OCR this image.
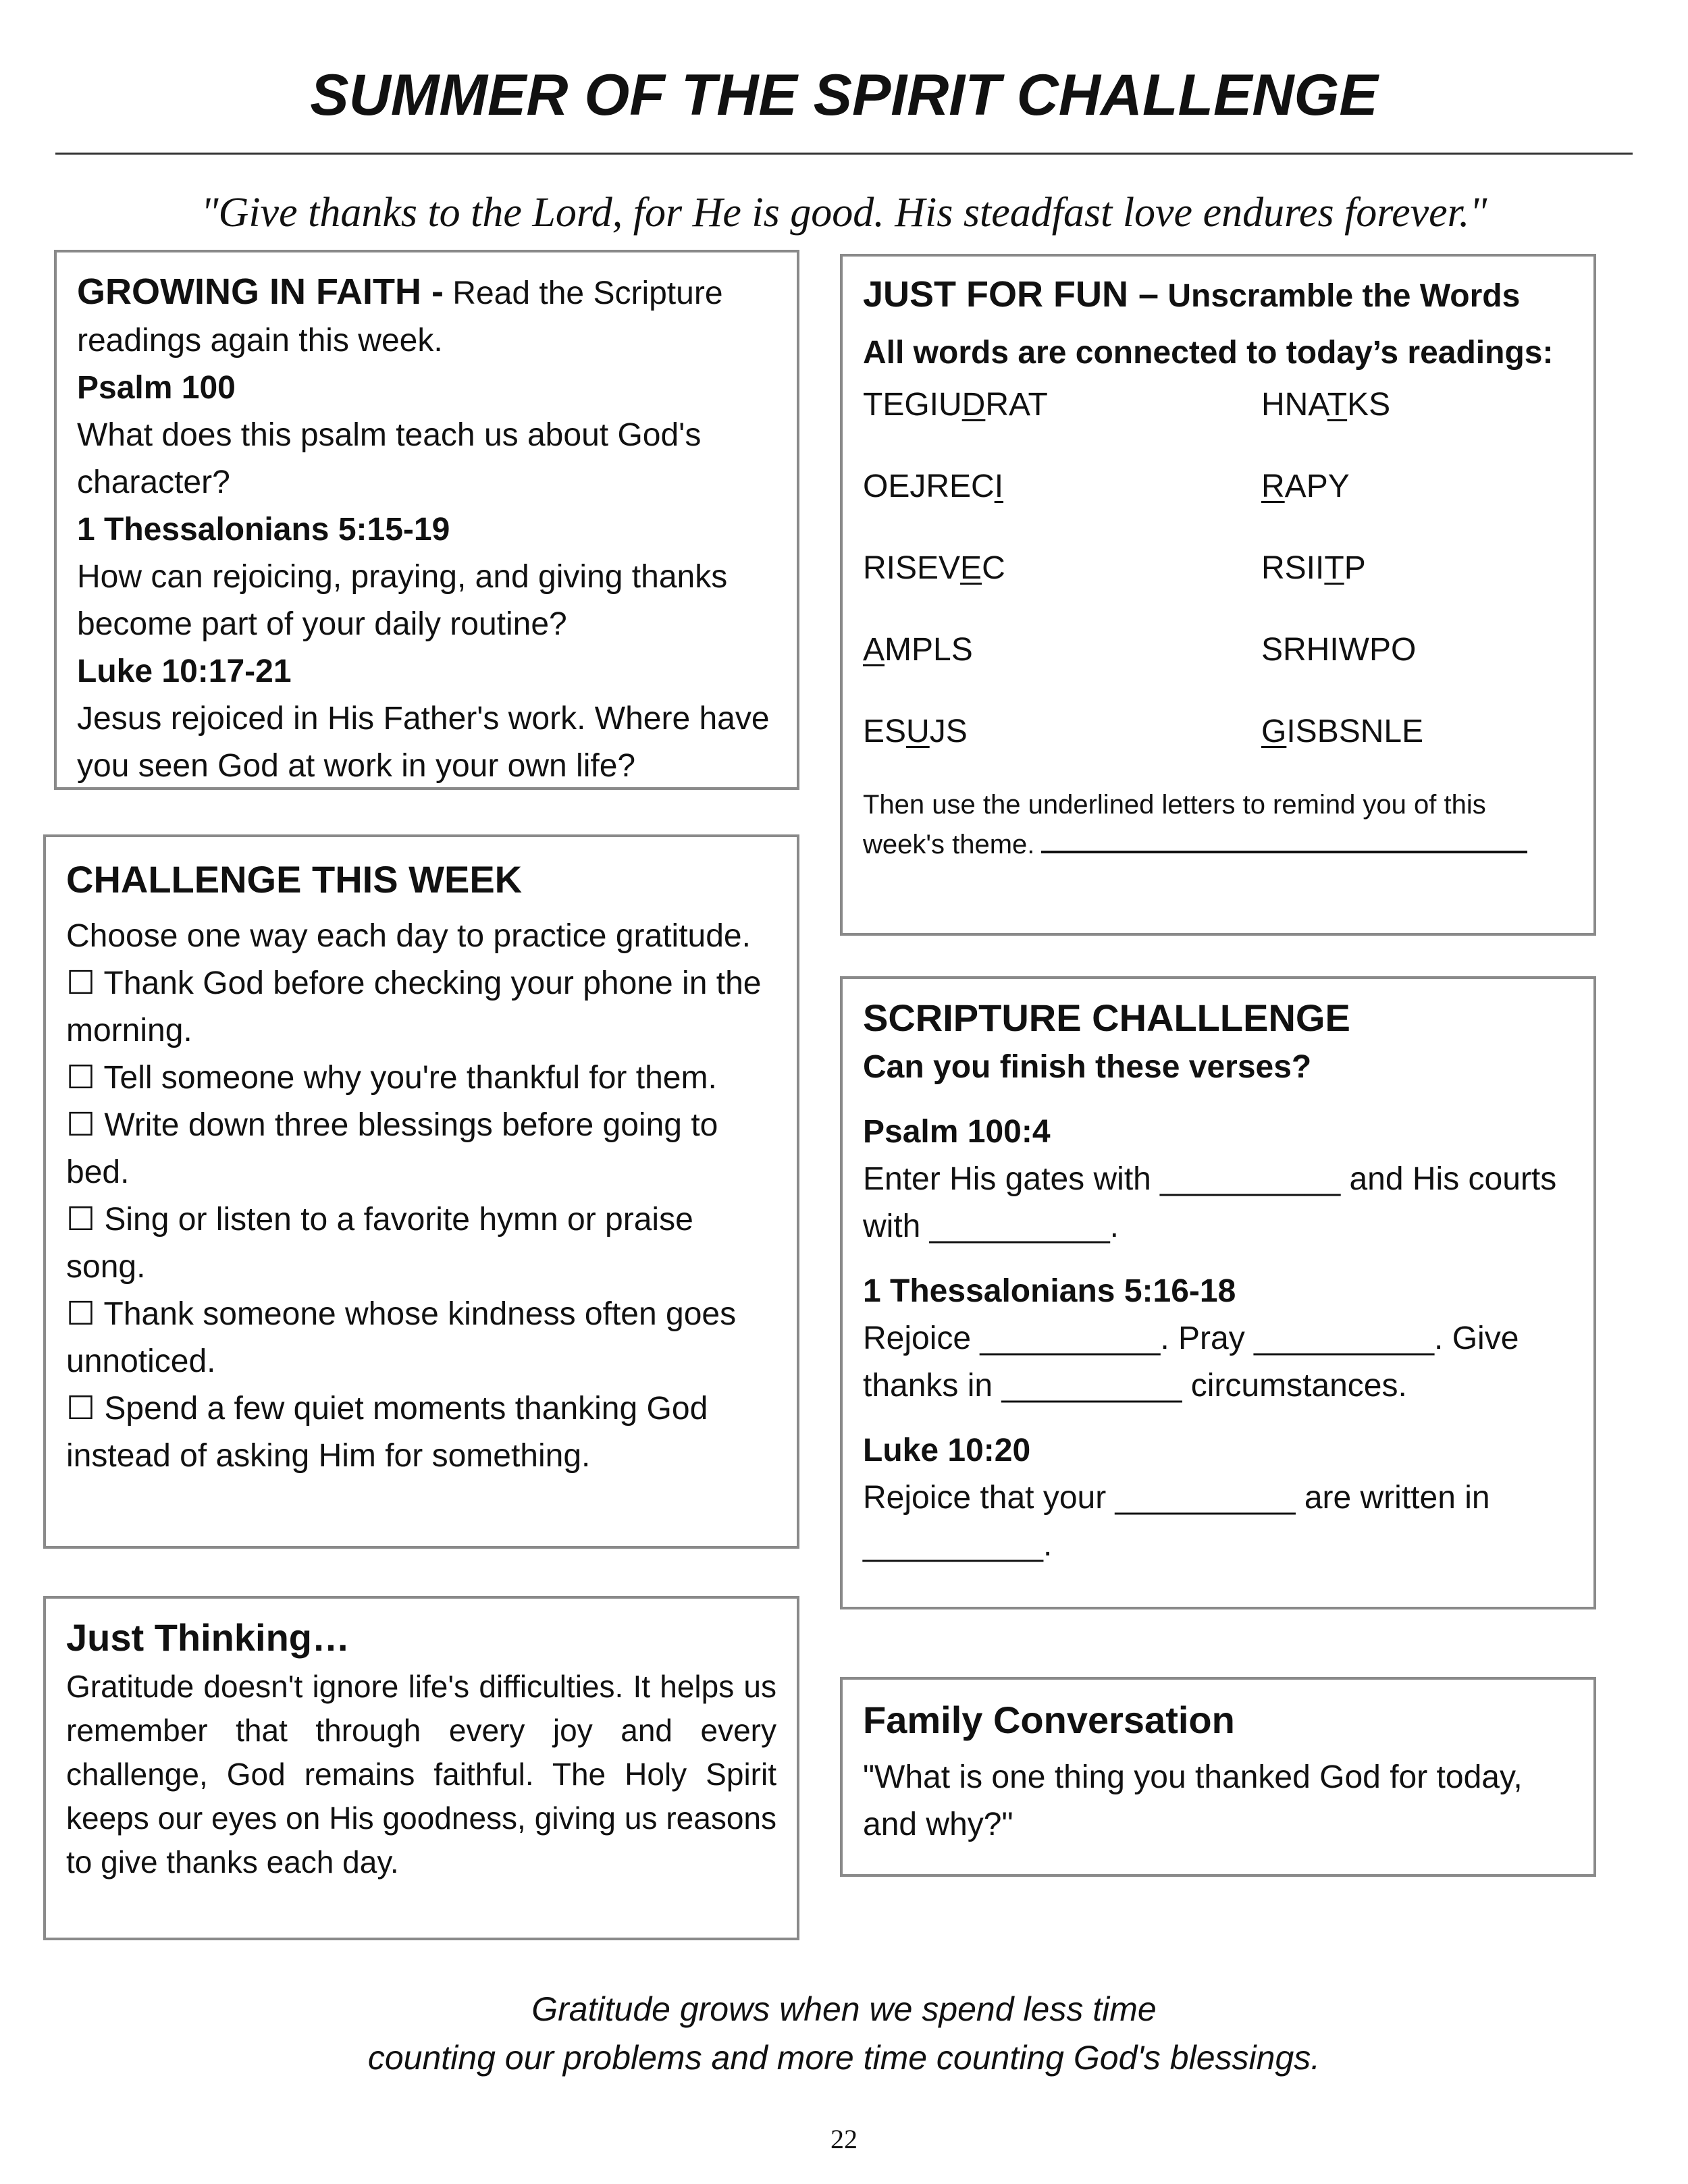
SUMMER OF THE SPIRIT CHALLENGE
"Give thanks to the Lord, for He is good. His steadfast love endures forever."
GROWING IN FAITH - Read the Scripture readings again this week.
Psalm 100
What does this psalm teach us about God's character?
1 Thessalonians 5:15-19
How can rejoicing, praying, and giving thanks become part of your daily routine?
Luke 10:17-21
Jesus rejoiced in His Father's work. Where have you seen God at work in your own life?
CHALLENGE THIS WEEK
Choose one way each day to practice gratitude.
☐ Thank God before checking your phone in the morning.
☐ Tell someone why you're thankful for them.
☐ Write down three blessings before going to bed.
☐ Sing or listen to a favorite hymn or praise song.
☐ Thank someone whose kindness often goes unnoticed.
☐ Spend a few quiet moments thanking God instead of asking Him for something.
Just Thinking…
Gratitude doesn't ignore life's difficulties. It helps us remember that through every joy and every challenge, God remains faithful. The Holy Spirit keeps our eyes on His goodness, giving us reasons to give thanks each day.
JUST FOR FUN – Unscramble the Words
All words are connected to today’s readings:
TEGIUDRAT	HNATKS
OEJRECI	RAPY
RISEVEC	RSIITP
AMPLS	SRHIWPO
ESUJS	GISBSNLE
Then use the underlined letters to remind you of this week's theme.
SCRIPTURE CHALLLENGE
Can you finish these verses?
Psalm 100:4
Enter His gates with __________ and His courts with __________.
1 Thessalonians 5:16-18
Rejoice __________. Pray __________. Give thanks in __________ circumstances.
Luke 10:20
Rejoice that your __________ are written in __________.
Family Conversation
"What is one thing you thanked God for today, and why?"
Gratitude grows when we spend less time
counting our problems and more time counting God's blessings.
22
